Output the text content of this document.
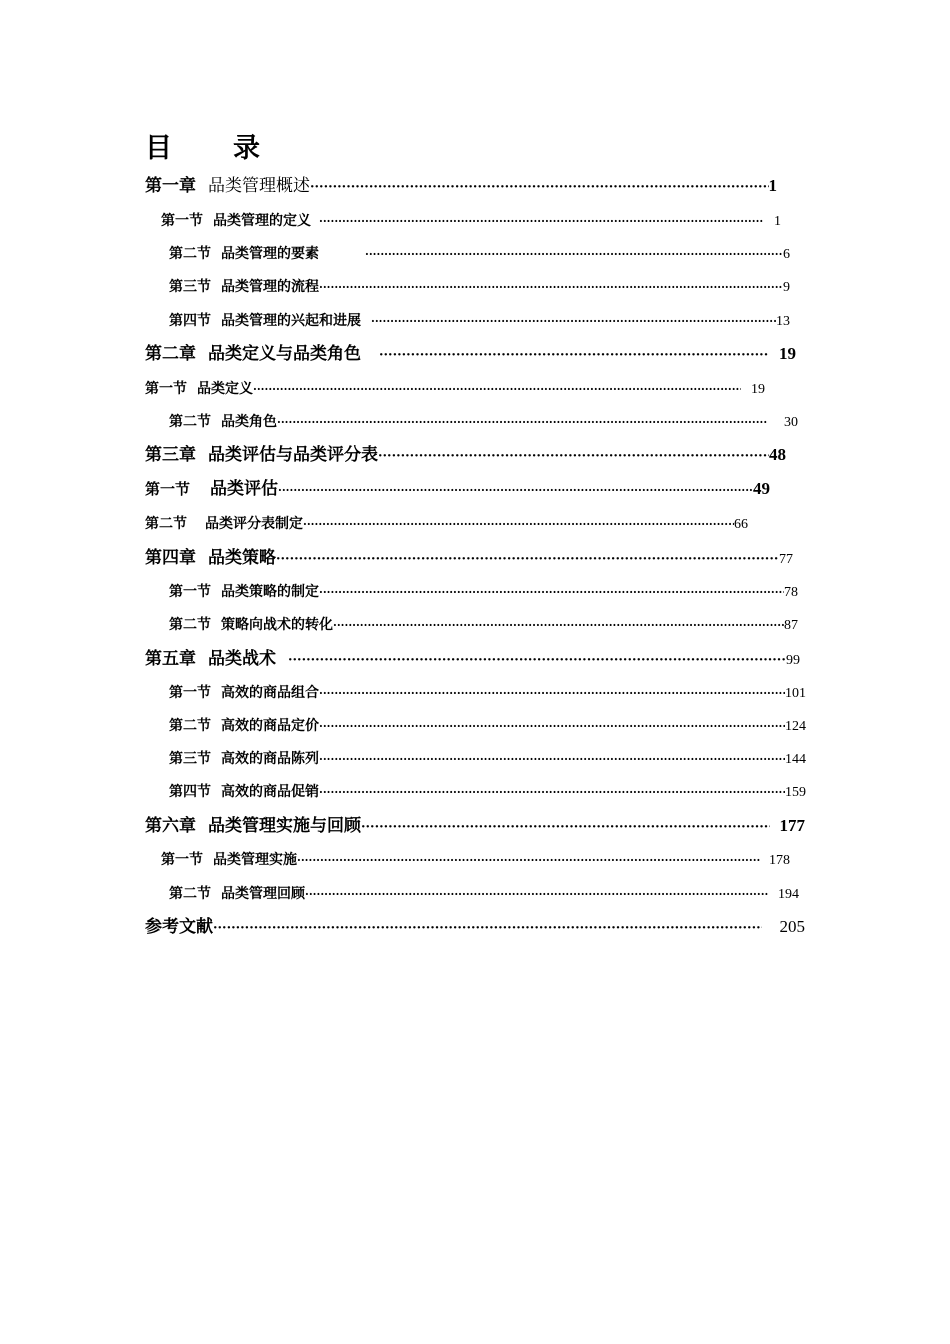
目 录
第一章 品类管理概述 ·····	1
第一节 品类管理的定义 ·····	1
第二节 品类管理的要素 ·····	6
第三节 品类管理的流程 ·····	9
第四节 品类管理的兴起和进展 ·····	13
第二章 品类定义与品类角色 ·····	19
第一节 品类定义 ·····	19
第二节 品类角色 ·····	30
第三章 品类评估与品类评分表 ·····	48
第一节 品类评估 ·····	49
第二节 品类评分表制定 ·····	66
第四章 品类策略 ·····	77
第一节 品类策略的制定 ·····	78
第二节 策略向战术的转化 ·····	87
第五章 品类战术 ·····	99
第一节 高效的商品组合 ·····	101
第二节 高效的商品定价 ·····	124
第三节 高效的商品陈列 ·····	144
第四节 高效的商品促销 ·····	159
第六章 品类管理实施与回顾 ·····	177
第一节 品类管理实施 ·····	178
第二节 品类管理回顾 ·····	194
参考文献 ·····	205
